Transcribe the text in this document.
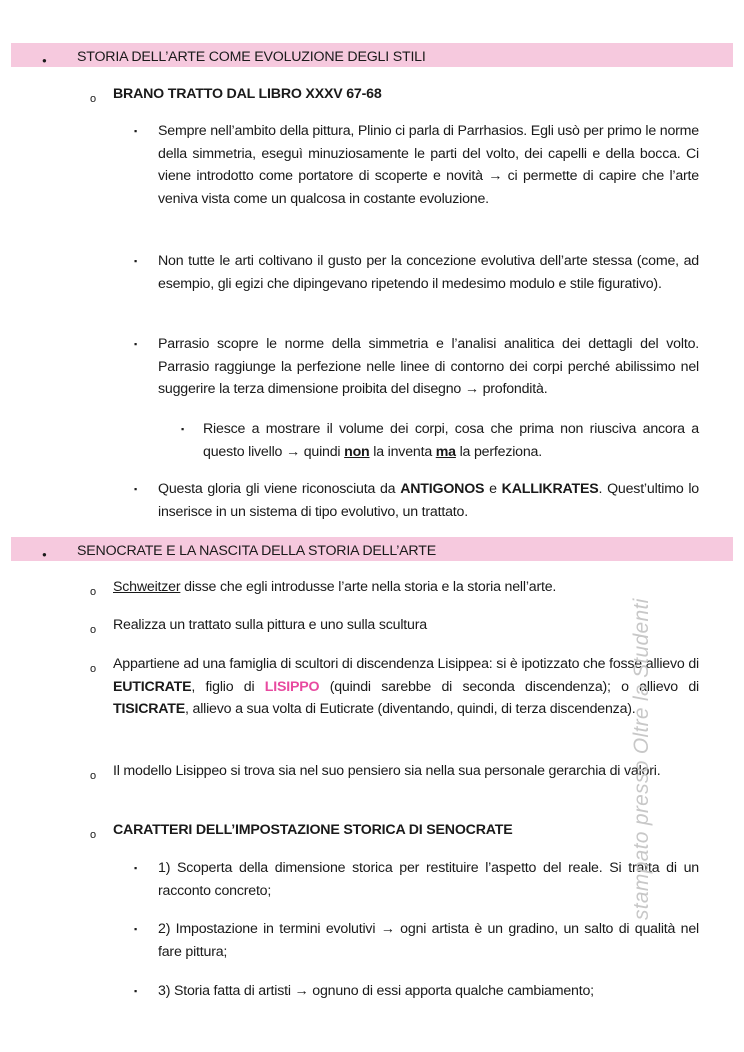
● STORIA DELL’ARTE COME EVOLUZIONE DEGLI STILI
o BRANO TRATTO DAL LIBRO XXXV 67-68
▪ Sempre nell’ambito della pittura, Plinio ci parla di Parrhasios. Egli usò per primo le norme della simmetria, eseguì minuziosamente le parti del volto, dei capelli e della bocca. Ci viene introdotto come portatore di scoperte e novità → ci permette di capire che l’arte veniva vista come un qualcosa in costante evoluzione.
▪ Non tutte le arti coltivano il gusto per la concezione evolutiva dell’arte stessa (come, ad esempio, gli egizi che dipingevano ripetendo il medesimo modulo e stile figurativo).
▪ Parrasio scopre le norme della simmetria e l’analisi analitica dei dettagli del volto. Parrasio raggiunge la perfezione nelle linee di contorno dei corpi perché abilissimo nel suggerire la terza dimensione proibita del disegno → profondità.
▪ Riesce a mostrare il volume dei corpi, cosa che prima non riusciva ancora a questo livello → quindi non la inventa ma la perfeziona.
▪ Questa gloria gli viene riconosciuta da ANTIGONOS e KALLIKRATES. Quest’ultimo lo inserisce in un sistema di tipo evolutivo, un trattato.
● SENOCRATE E LA NASCITA DELLA STORIA DELL’ARTE
o Schweitzer disse che egli introdusse l’arte nella storia e la storia nell’arte.
o Realizza un trattato sulla pittura e uno sulla scultura
o Appartiene ad una famiglia di scultori di discendenza Lisippea: si è ipotizzato che fosse allievo di EUTICRATE, figlio di LISIPPO (quindi sarebbe di seconda discendenza); o allievo di TISICRATE, allievo a sua volta di Euticrate (diventando, quindi, di terza discendenza).
o Il modello Lisippeo si trova sia nel suo pensiero sia nella sua personale gerarchia di valori.
o CARATTERI DELL’IMPOSTAZIONE STORICA DI SENOCRATE
▪ 1) Scoperta della dimensione storica per restituire l’aspetto del reale. Si tratta di un racconto concreto;
▪ 2) Impostazione in termini evolutivi → ogni artista è un gradino, un salto di qualità nel fare pittura;
▪ 3) Storia fatta di artisti → ognuno di essi apporta qualche cambiamento;
stampato presso Oltre la Studenti
